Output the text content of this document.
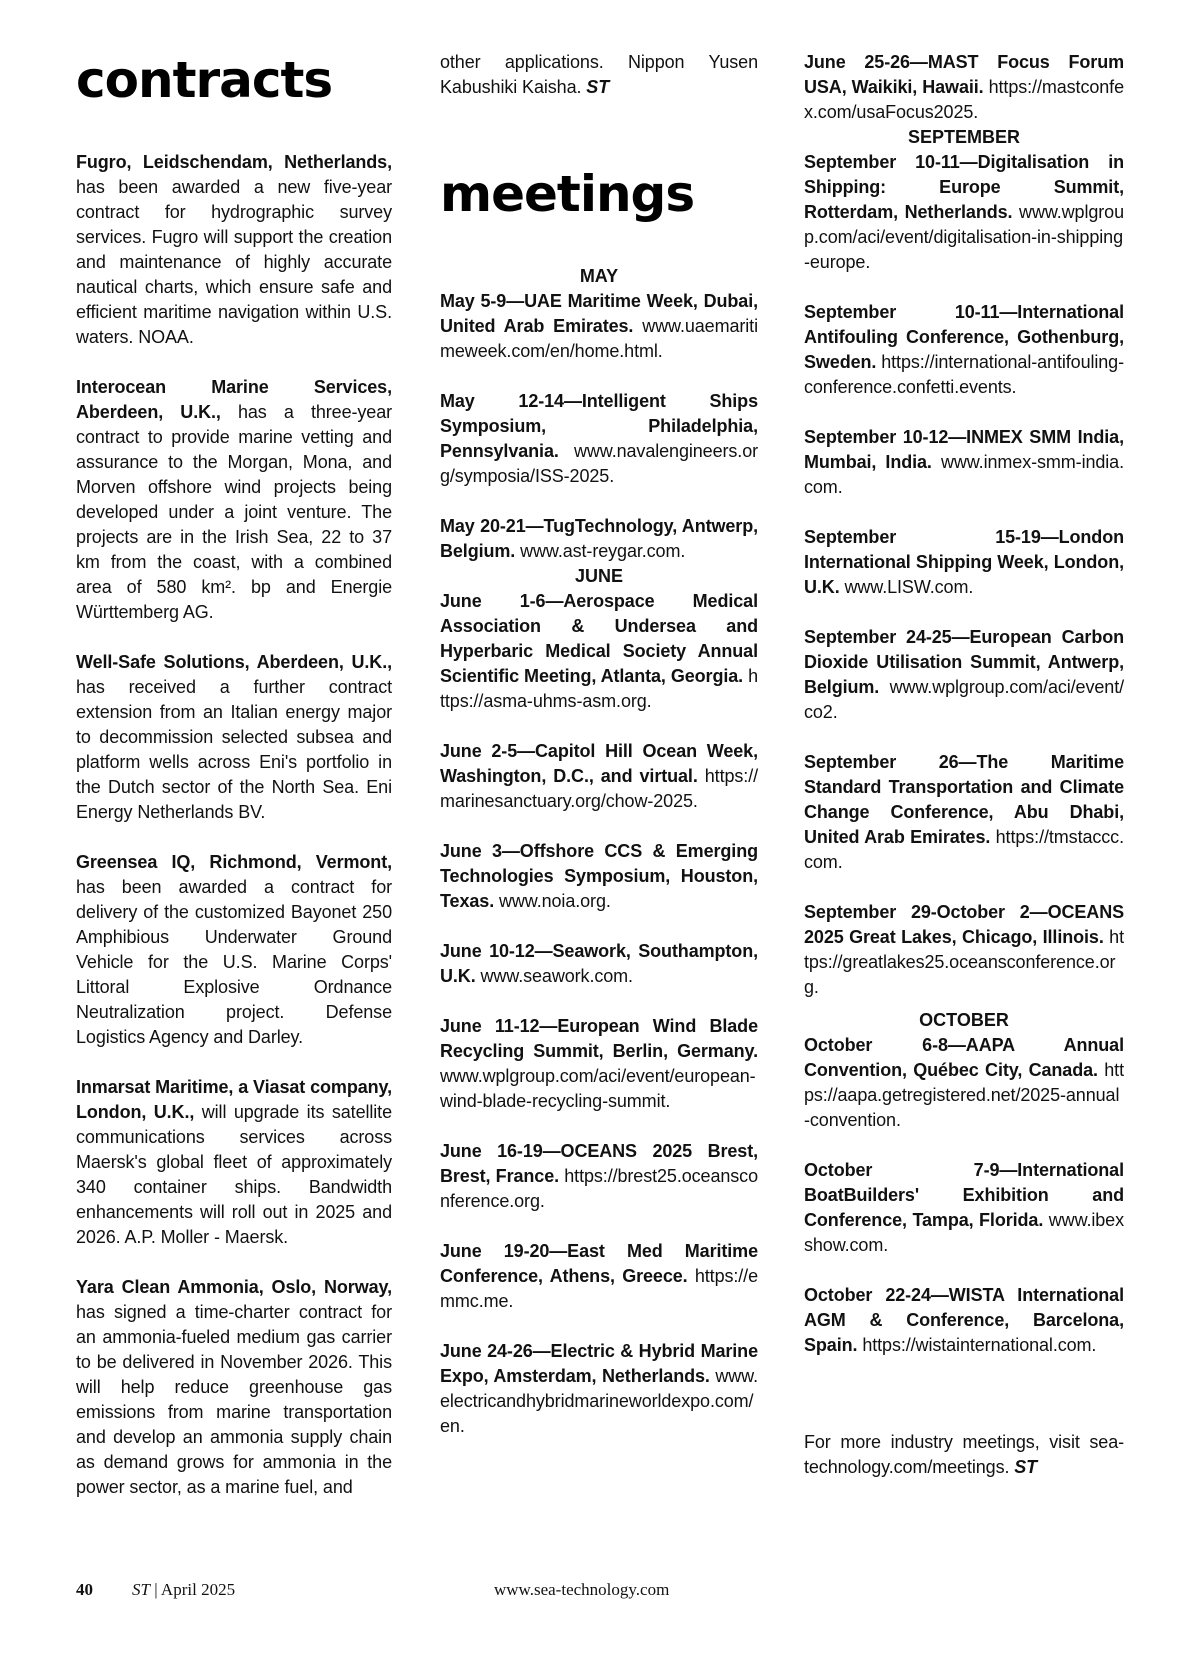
contracts

Fugro, Leidschendam, Netherlands, has been awarded a new five-year contract for hydrographic survey services. Fugro will support the creation and maintenance of highly accurate nautical charts, which ensure safe and efficient maritime navigation within U.S. waters. NOAA.

Interocean Marine Services, Aberdeen, U.K., has a three-year contract to provide marine vetting and assurance to the Morgan, Mona, and Morven offshore wind projects being developed under a joint venture. The projects are in the Irish Sea, 22 to 37 km from the coast, with a combined area of 580 km². bp and Energie Württemberg AG.

Well-Safe Solutions, Aberdeen, U.K., has received a further contract extension from an Italian energy major to decommission selected subsea and platform wells across Eni's portfolio in the Dutch sector of the North Sea. Eni Energy Netherlands BV.

Greensea IQ, Richmond, Vermont, has been awarded a contract for delivery of the customized Bayonet 250 Amphibious Underwater Ground Vehicle for the U.S. Marine Corps' Littoral Explosive Ordnance Neutralization project. Defense Logistics Agency and Darley.

Inmarsat Maritime, a Viasat company, London, U.K., will upgrade its satellite communications services across Maersk's global fleet of approximately 340 container ships. Bandwidth enhancements will roll out in 2025 and 2026. A.P. Moller - Maersk.

Yara Clean Ammonia, Oslo, Norway, has signed a time-charter contract for an ammonia-fueled medium gas carrier to be delivered in November 2026. This will help reduce greenhouse gas emissions from marine transportation and develop an ammonia supply chain as demand grows for ammonia in the power sector, as a marine fuel, and

other applications. Nippon Yusen Kabushiki Kaisha. ST

meetings

MAY

May 5-9—UAE Maritime Week, Dubai, United Arab Emirates. www.uaemaritimeweek.com/en/home.html.

May 12-14—Intelligent Ships Symposium, Philadelphia, Pennsylvania. www.navalengineers.org/symposia/ISS-2025.

May 20-21—TugTechnology, Antwerp, Belgium. www.ast-reygar.com.

JUNE

June 1-6—Aerospace Medical Association & Undersea and Hyperbaric Medical Society Annual Scientific Meeting, Atlanta, Georgia. https://asma-uhms-asm.org.

June 2-5—Capitol Hill Ocean Week, Washington, D.C., and virtual. https://marinesanctuary.org/chow-2025.

June 3—Offshore CCS & Emerging Technologies Symposium, Houston, Texas. www.noia.org.

June 10-12—Seawork, Southampton, U.K. www.seawork.com.

June 11-12—European Wind Blade Recycling Summit, Berlin, Germany. www.wplgroup.com/aci/event/european-wind-blade-recycling-summit.

June 16-19—OCEANS 2025 Brest, Brest, France. https://brest25.oceansconference.org.

June 19-20—East Med Maritime Conference, Athens, Greece. https://emmc.me.

June 24-26—Electric & Hybrid Marine Expo, Amsterdam, Netherlands. www.electricandhybridmarineworldexpo.com/en.

June 25-26—MAST Focus Forum USA, Waikiki, Hawaii. https://mastconfex.com/usaFocus2025.

SEPTEMBER

September 10-11—Digitalisation in Shipping: Europe Summit, Rotterdam, Netherlands. www.wplgroup.com/aci/event/digitalisation-in-shipping-europe.

September 10-11—International Antifouling Conference, Gothenburg, Sweden. https://international-antifouling-conference.confetti.events.

September 10-12—INMEX SMM India, Mumbai, India. www.inmex-smm-india.com.

September 15-19—London International Shipping Week, London, U.K. www.LISW.com.

September 24-25—European Carbon Dioxide Utilisation Summit, Antwerp, Belgium. www.wplgroup.com/aci/event/co2.

September 26—The Maritime Standard Transportation and Climate Change Conference, Abu Dhabi, United Arab Emirates. https://tmstaccc.com.

September 29-October 2—OCEANS 2025 Great Lakes, Chicago, Illinois. https://greatlakes25.oceansconference.org.

OCTOBER

October 6-8—AAPA Annual Convention, Québec City, Canada. https://aapa.getregistered.net/2025-annual-convention.

October 7-9—International BoatBuilders' Exhibition and Conference, Tampa, Florida. www.ibexshow.com.

October 22-24—WISTA International AGM & Conference, Barcelona, Spain. https://wistainternational.com.

For more industry meetings, visit sea-technology.com/meetings. ST

40 ST | April 2025	www.sea-technology.com
